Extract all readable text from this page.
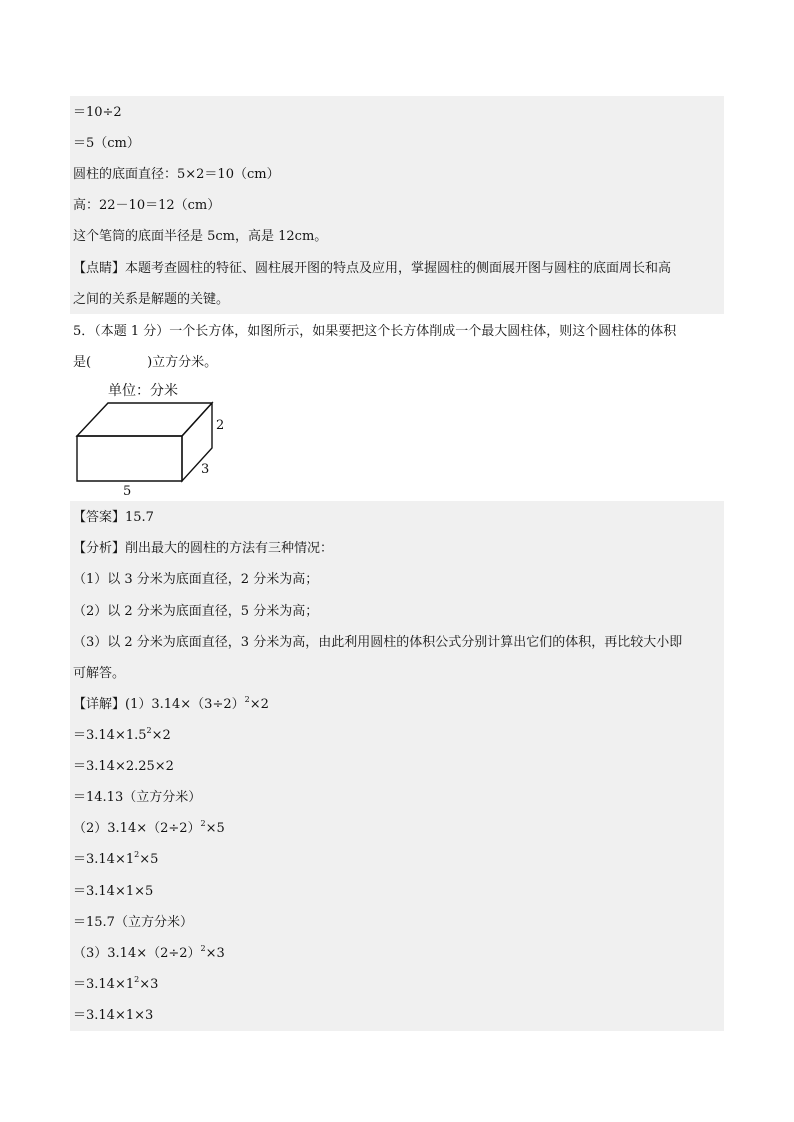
＝10÷2
＝5（cm）
圆柱的底面直径：5×2＝10（cm）
高：22－10＝12（cm）
这个笔筒的底面半径是 5cm，高是 12cm。
【点睛】本题考查圆柱的特征、圆柱展开图的特点及应用，掌握圆柱的侧面展开图与圆柱的底面周长和高
之间的关系是解题的关键。
5．（本题 1 分）一个长方体，如图所示，如果要把这个长方体削成一个最大圆柱体，则这个圆柱体的体积
是(	)立方分米。
单位：分米
2
3
5
【答案】15.7
【分析】削出最大的圆柱的方法有三种情况：
（1）以 3 分米为底面直径，2 分米为高；
（2）以 2 分米为底面直径，5 分米为高；
（3）以 2 分米为底面直径，3 分米为高，由此利用圆柱的体积公式分别计算出它们的体积，再比较大小即
可解答。
【详解】$(1)3.14\times(3\div 2)^2\times 2$
$=3.14\times 1.5^2\times 2$
＝3.14×2.25×2
＝14.13（立方分米）
$(2)3.14\times(2\div 2)^2\times 5$
$=3.14\times 1^2\times 5$
＝3.14×1×5
＝15.7（立方分米）
$(3)3.14\times(2\div 2)^2\times 3$
$=3.14\times 1^2\times 3$
＝3.14×1×3
